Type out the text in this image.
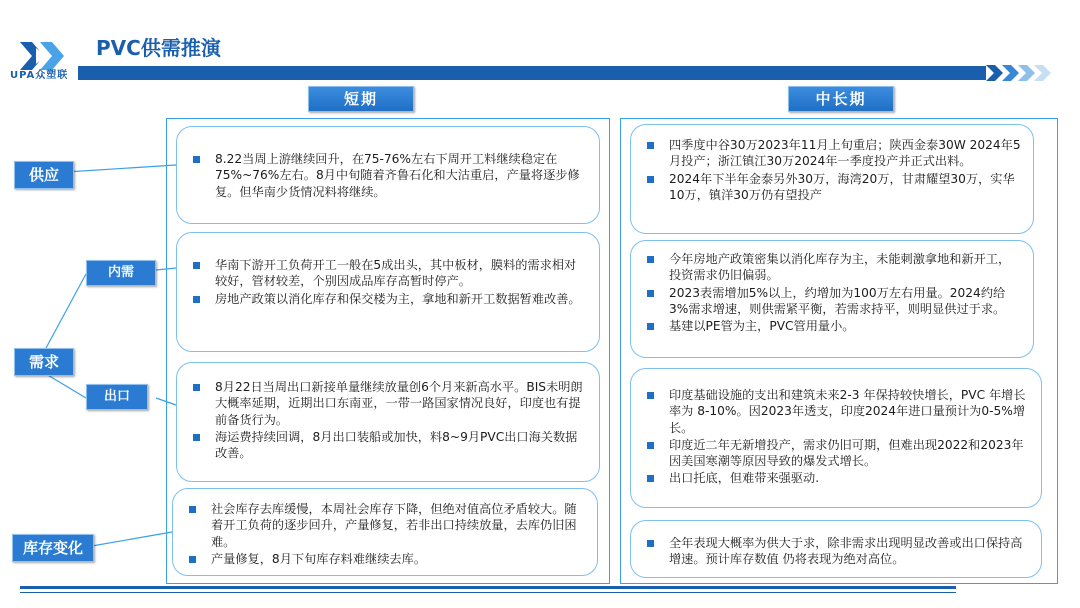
UPA众塑联
PVC供需推演
短期	中长期
供应
需求
内需
出口
库存变化
8.22当周上游继续回升，在75-76%左右下周开工料继续稳定在75%~76%左右。8月中旬随着齐鲁石化和大沽重启，产量将逐步修复。但华南少货情况料将继续。
华南下游开工负荷开工一般在5成出头，其中板材，膜料的需求相对较好，管材较差，个别因成品库存高暂时停产。
房地产政策以消化库存和保交楼为主，拿地和新开工数据暂难改善。
8月22日当周出口新接单量继续放量创6个月来新高水平。BIS未明朗大概率延期，近期出口东南亚，一带一路国家情况良好，印度也有提前备货行为。
海运费持续回调，8月出口装船或加快，料8~9月PVC出口海关数据改善。
社会库存去库缓慢，本周社会库存下降，但绝对值高位矛盾较大。随着开工负荷的逐步回升，产量修复，若非出口持续放量，去库仍旧困难。
产量修复，8月下旬库存料难继续去库。
四季度中谷30万2023年11月上旬重启；陕西金泰30W 2024年5月投产；浙江镇江30万2024年一季度投产并正式出料。
2024年下半年金泰另外30万，海湾20万，甘肃耀望30万，实华10万，镇洋30万仍有望投产
今年房地产政策密集以消化库存为主，未能刺激拿地和新开工，投资需求仍旧偏弱。
2023表需增加5%以上，约增加为100万左右用量。2024约给3%需求增速，则供需紧平衡，若需求持平，则明显供过于求。
基建以PE管为主，PVC管用量小。
印度基础设施的支出和建筑未来2-3 年保持较快增长，PVC 年增长率为 8-10%。因2023年透支，印度2024年进口量预计为0-5%增长。
印度近二年无新增投产，需求仍旧可期，但难出现2022和2023年因美国寒潮等原因导致的爆发式增长。
出口托底，但难带来强驱动.
全年表现大概率为供大于求，除非需求出现明显改善或出口保持高增速。预计库存数值 仍将表现为绝对高位。
